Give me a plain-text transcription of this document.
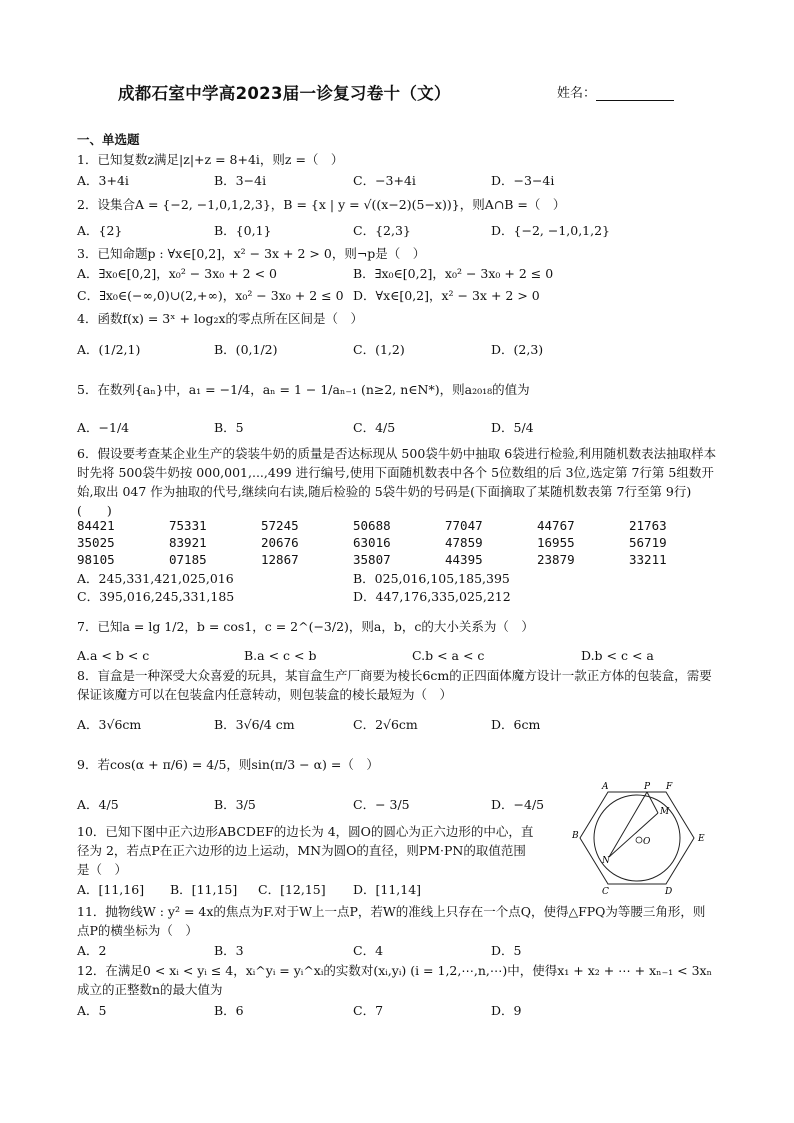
成都石室中学高2023届一诊复习卷十（文）	姓名：
一、单选题
1．已知复数z满足|z|+z = 8+4i，则z =（　）
A．3+4i	B．3−4i	C．−3+4i	D．−3−4i
2．设集合A = {−2, −1,0,1,2,3}，B = {x | y = √((x−2)(5−x))}，则A∩B =（　）
A．{2}	B．{0,1}	C．{2,3}	D．{−2, −1,0,1,2}
3．已知命题p : ∀x∈[0,2]，x² − 3x + 2 > 0，则¬p是（　）
A．∃x₀∈[0,2]，x₀² − 3x₀ + 2 < 0	B．∃x₀∈[0,2]，x₀² − 3x₀ + 2 ≤ 0
C．∃x₀∈(−∞,0)∪(2,+∞)，x₀² − 3x₀ + 2 ≤ 0 D．∀x∈[0,2]，x² − 3x + 2 > 0
4．函数f(x) = 3ˣ + log₂x的零点所在区间是（　）
A．(1/2,1)	B．(0,1/2)	C．(1,2)	D．(2,3)
5．在数列{aₙ}中，a₁ = −1/4，aₙ = 1 − 1/aₙ₋₁ (n≥2, n∈N*)，则a₂₀₁₈的值为
A．−1/4	B．5	C．4/5	D．5/4
6．假设要考查某企业生产的袋装牛奶的质量是否达标现从 500袋牛奶中抽取 6袋进行检验,利用随机数表法抽取样本时先将 500袋牛奶按 000,001,...,499 进行编号,使用下面随机数表中各个 5位数组的后 3位,选定第 7行第 5组数开始,取出 047 作为抽取的代号,继续向右读,随后检验的 5袋牛奶的号码是(下面摘取了某随机数表第 7行至第 9行)(　　)
84421	75331	57245	50688	77047	44767	21763
35025	83921	20676	63016	47859	16955	56719
98105	07185	12867	35807	44395	23879	33211
A．245,331,421,025,016	B．025,016,105,185,395
C．395,016,245,331,185	D．447,176,335,025,212
7．已知a = lg 1/2，b = cos1，c = 2^(−3/2)，则a，b，c的大小关系为（　）
A.a < b < c	B.a < c < b	C.b < a < c	D.b < c < a
8．盲盒是一种深受大众喜爱的玩具，某盲盒生产厂商要为棱长6cm的正四面体魔方设计一款正方体的包装盒，需要保证该魔方可以在包装盒内任意转动，则包装盒的棱长最短为（　）
A．3√6cm	B．3√6/4 cm	C．2√6cm	D．6cm
9．若cos(α + π/6) = 4/5，则sin(π/3 − α) =（　）
A．4/5	B．3/5	C．− 3/5	D．−4/5
10．已知下图中正六边形ABCDEF的边长为 4，圆O的圆心为正六边形的中心，直径为 2，若点P在正六边形的边上运动，MN为圆O的直径，则PM·PN的取值范围是（　）
A．[11,16] B．[11,15] C．[12,15] D．[11,14]
A	P F
B	E
N
O
M
C	D
11．抛物线W : y² = 4x的焦点为F.对于W上一点P，若W的准线上只存在一个点Q，使得△FPQ为等腰三角形，则点P的横坐标为（　）
A．2	B．3	C．4	D．5
12．在满足0 < xᵢ < yᵢ ≤ 4，xᵢ^yᵢ = yᵢ^xᵢ的实数对(xᵢ,yᵢ) (i = 1,2,⋯,n,⋯)中，使得x₁ + x₂ + ⋯ + xₙ₋₁ < 3xₙ成立的正整数n的最大值为
A．5	B．6	C．7	D．9
